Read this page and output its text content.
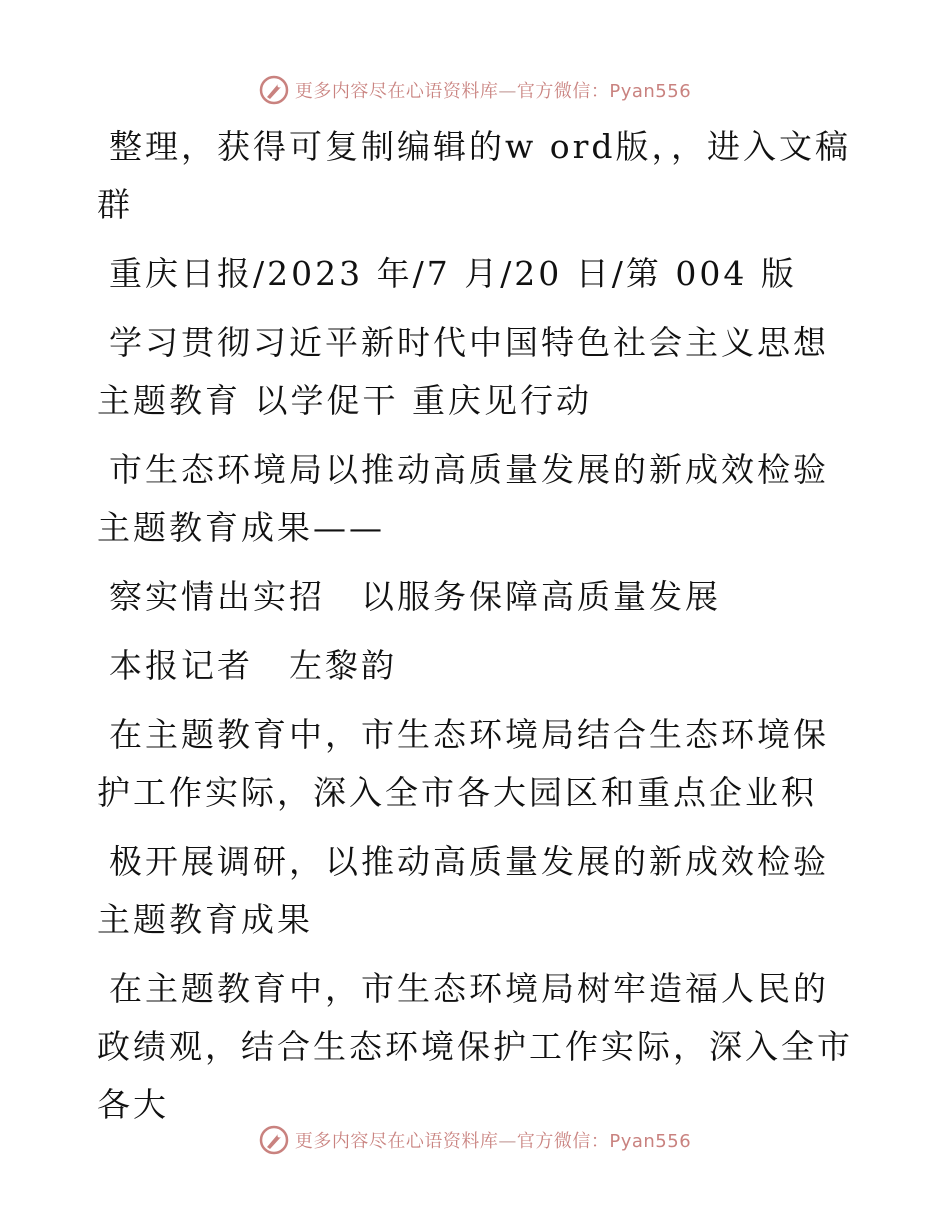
更多内容尽在心语资料库—官方微信：Pyan556

整理，获得可复制编辑的w ord版，，进入文稿群

重庆日报/2023 年/7 月/20 日/第 004 版

学习贯彻习近平新时代中国特色社会主义思想主题教育 以学促干 重庆见行动

市生态环境局以推动高质量发展的新成效检验主题教育成果——

察实情出实招　以服务保障高质量发展

本报记者　左黎韵

在主题教育中，市生态环境局结合生态环境保护工作实际，深入全市各大园区和重点企业积

极开展调研，以推动高质量发展的新成效检验主题教育成果

在主题教育中，市生态环境局树牢造福人民的政绩观，结合生态环境保护工作实际，深入全市各大

更多内容尽在心语资料库—官方微信：Pyan556
